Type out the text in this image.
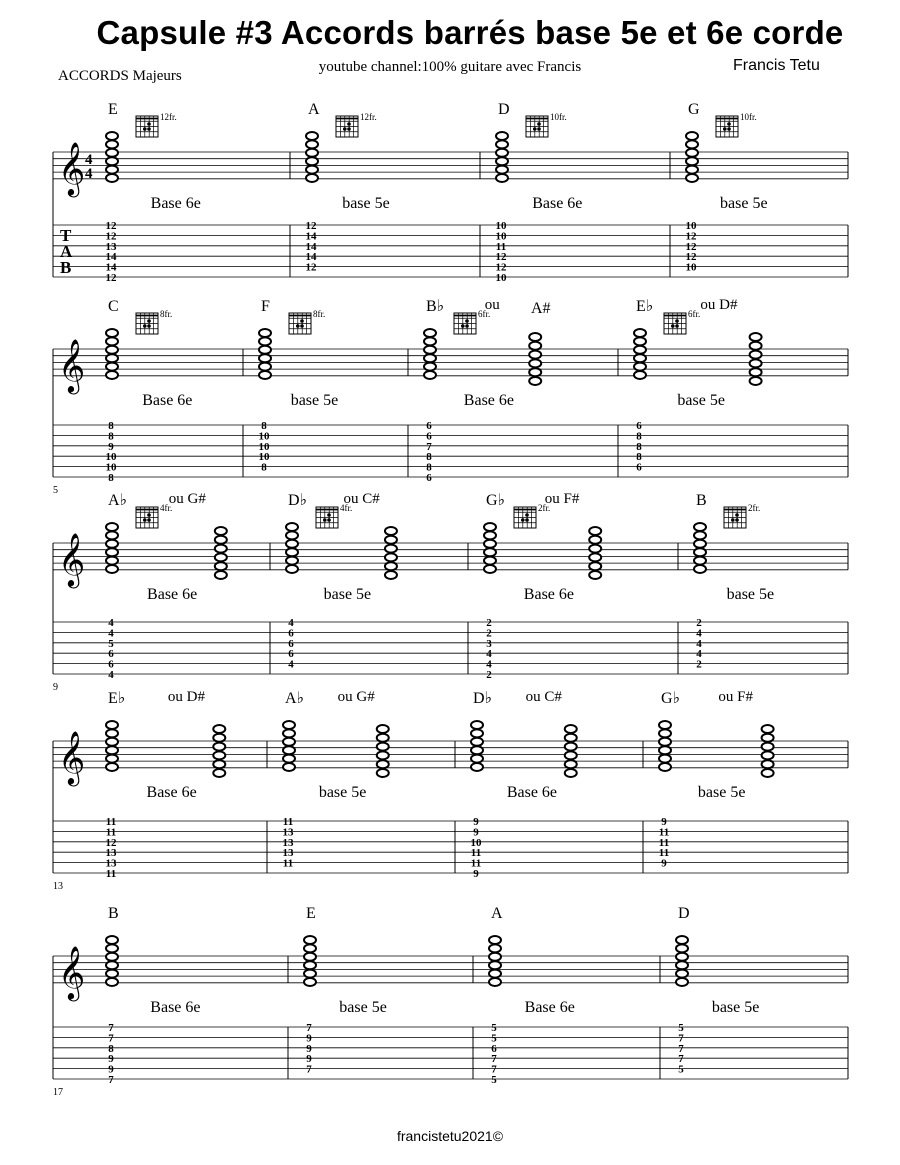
Capsule #3 Accords barrés base 5e et 6e corde
youtube channel:100% guitare avec Francis	Francis Tetu
ACCORDS Majeurs
𝄞 4
4
T
A
B
E	12fr.
Base 6e
12
12
13
14
14
12
A	12fr.
base 5e
12
14
14
14
12
D	10fr.
Base 6e
10
10
11
12
12
10
G	10fr.
base 5e
10
12
12
12
10
𝄞
5
C	8fr.
Base 6e
8
8
9
10
10
8
F	8fr.
base 5e
8
10
10
10
8
B♭	ou A#
6fr.
Base 6e
6
6
7
8
8
6
E♭	ou D#
6fr.
base 5e
6
8
8
8
6
𝄞
9
A♭	ou G#
4fr.
Base 6e
4
4
5
6
6
4
D♭ ou C#
4fr.
base 5e
4
6
6
6
4
G♭	ou F#
2fr.
Base 6e
2
2
3
4
4
2
B	2fr.
base 5e
2
4
4
4
2
𝄞
13
E♭	ou D#
Base 6e
11
11
12
13
13
11
A♭ ou G#
base 5e
11
13
13
13
11
D♭ ou C#
Base 6e
9
9
10
11
11
9
G♭	ou F#
base 5e
9
11
11
11
9
𝄞
17
B
Base 6e
7
7
8
9
9
7
E
base 5e
7
9
9
9
7
A
Base 6e
5
5
6
7
7
5
D
base 5e
5
7
7
7
5
francistetu2021©
